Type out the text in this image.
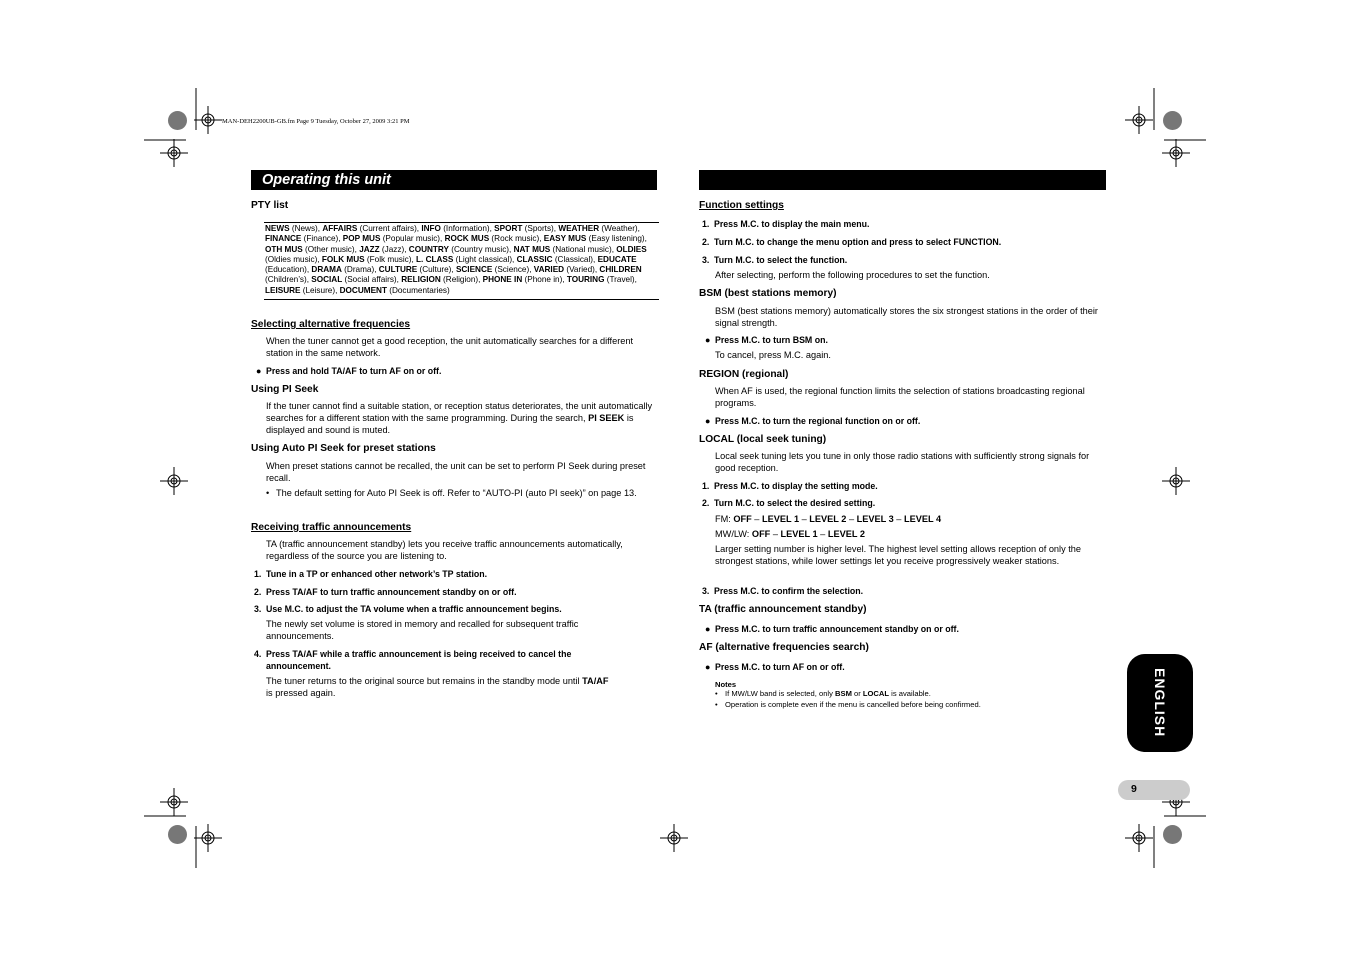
MAN-DEH2200UB-GB.fm Page 9 Tuesday, October 27, 2009 3:21 PM
Operating this unit
PTY list
NEWS (News), AFFAIRS (Current affairs), INFO (Information), SPORT (Sports), WEATHER (Weather), FINANCE (Finance), POP MUS (Popular music), ROCK MUS (Rock music), EASY MUS (Easy listening), OTH MUS (Other music), JAZZ (Jazz), COUNTRY (Country music), NAT MUS (National music), OLDIES (Oldies music), FOLK MUS (Folk music), L. CLASS (Light classical), CLASSIC (Classical), EDUCATE (Education), DRAMA (Drama), CULTURE (Culture), SCIENCE (Science), VARIED (Varied), CHILDREN (Children’s), SOCIAL (Social affairs), RELIGION (Religion), PHONE IN (Phone in), TOURING (Travel), LEISURE (Leisure), DOCUMENT (Documentaries)
Selecting alternative frequencies
When the tuner cannot get a good reception, the unit automatically searches for a different station in the same network.
● Press and hold TA/AF to turn AF on or off.
Using PI Seek
If the tuner cannot find a suitable station, or reception status deteriorates, the unit automatically searches for a different station with the same programming. During the search, PI SEEK is displayed and sound is muted.
Using Auto PI Seek for preset stations
When preset stations cannot be recalled, the unit can be set to perform PI Seek during preset recall.
• The default setting for Auto PI Seek is off. Refer to “AUTO-PI (auto PI seek)” on page 13.
Receiving traffic announcements
TA (traffic announcement standby) lets you receive traffic announcements automatically, regardless of the source you are listening to.
1. Tune in a TP or enhanced other network’s TP station.
2. Press TA/AF to turn traffic announcement standby on or off.
3. Use M.C. to adjust the TA volume when a traffic announcement begins.
The newly set volume is stored in memory and recalled for subsequent traffic announcements.
4. Press TA/AF while a traffic announcement is being received to cancel the
announcement.
The tuner returns to the original source but remains in the standby mode until TA/AF
is pressed again.
Function settings
1. Press M.C. to display the main menu.
2. Turn M.C. to change the menu option and press to select FUNCTION.
3. Turn M.C. to select the function.
After selecting, perform the following procedures to set the function.
BSM (best stations memory)
BSM (best stations memory) automatically stores the six strongest stations in the order of their signal strength.
● Press M.C. to turn BSM on.
To cancel, press M.C. again.
REGION (regional)
When AF is used, the regional function limits the selection of stations broadcasting regional programs.
● Press M.C. to turn the regional function on or off.
LOCAL (local seek tuning)
Local seek tuning lets you tune in only those radio stations with sufficiently strong signals for good reception.
1. Press M.C. to display the setting mode.
2. Turn M.C. to select the desired setting.
FM: OFF – LEVEL 1 – LEVEL 2 – LEVEL 3 – LEVEL 4
MW/LW: OFF – LEVEL 1 – LEVEL 2
Larger setting number is higher level. The highest level setting allows reception of only the strongest stations, while lower settings let you receive progressively weaker stations.
3. Press M.C. to confirm the selection.
TA (traffic announcement standby)
● Press M.C. to turn traffic announcement standby on or off.
AF (alternative frequencies search)
● Press M.C. to turn AF on or off.
Notes
• If MW/LW band is selected, only BSM or LOCAL is available.
• Operation is complete even if the menu is cancelled before being confirmed.	ENGLISH
9
